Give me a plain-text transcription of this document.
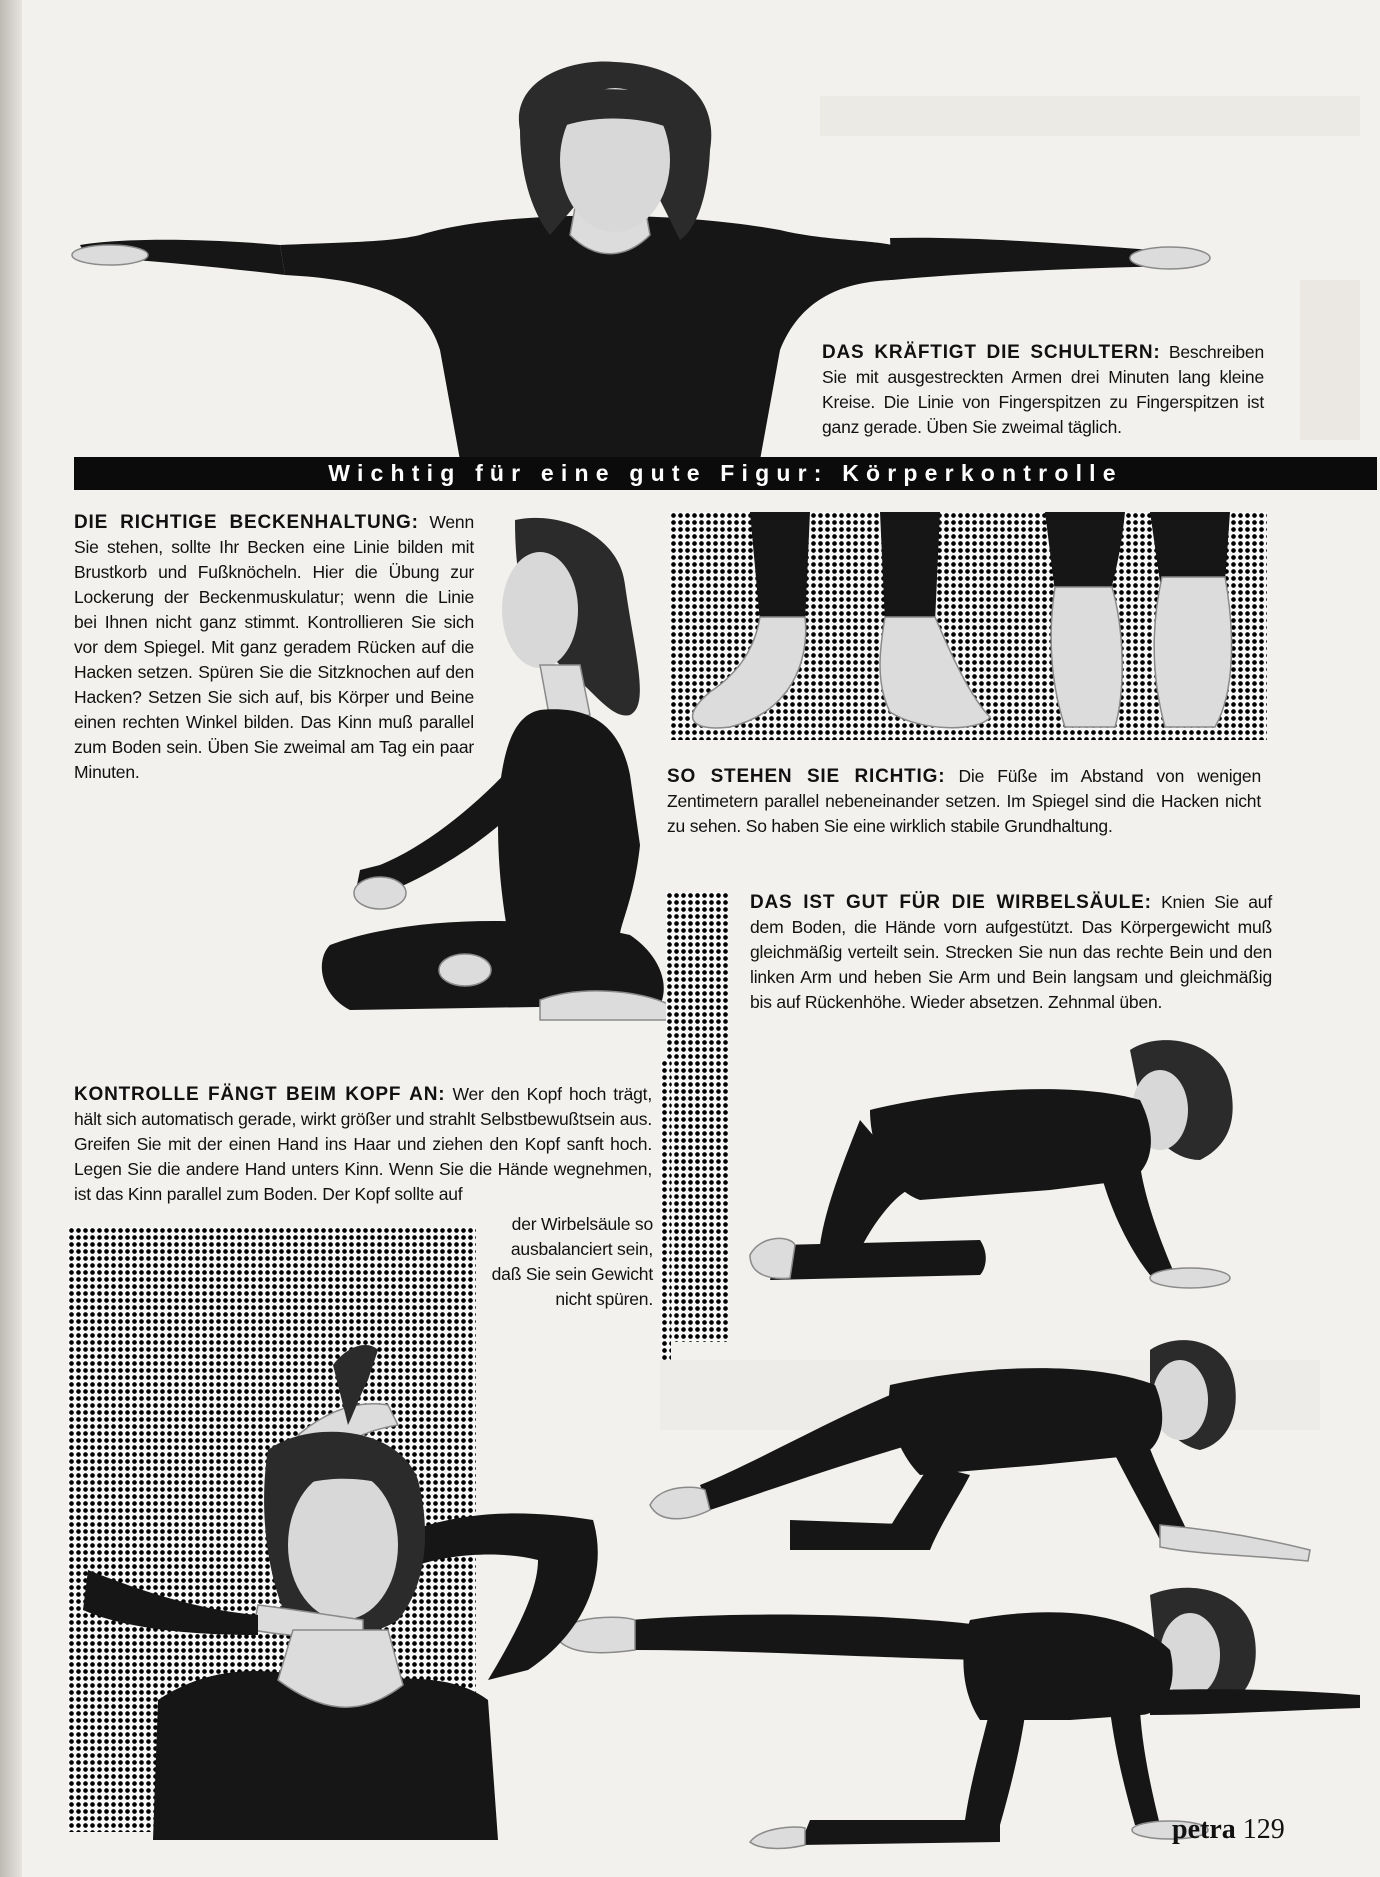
DAS KRÄFTIGT DIE SCHULTERN: Beschreiben Sie mit ausgestreckten Armen drei Minuten lang kleine Kreise. Die Linie von Fingerspitzen zu Fingerspitzen ist ganz gerade. Üben Sie zweimal täglich.
Wichtig für eine gute Figur: Körperkontrolle
DIE RICHTIGE BECKENHALTUNG: Wenn Sie stehen, sollte Ihr Becken eine Linie bilden mit Brustkorb und Fußknöcheln. Hier die Übung zur Lockerung der Beckenmuskulatur; wenn die Linie bei Ihnen nicht ganz stimmt. Kontrollieren Sie sich vor dem Spiegel. Mit ganz geradem Rücken auf die Hacken setzen. Spüren Sie die Sitzknochen auf den Hacken? Setzen Sie sich auf, bis Körper und Beine einen rechten Winkel bilden. Das Kinn muß parallel zum Boden sein. Üben Sie zweimal am Tag ein paar Minuten.	SO STEHEN SIE RICHTIG: Die Füße im Abstand von wenigen Zentimetern parallel nebeneinander setzen. Im Spiegel sind die Hacken nicht zu sehen. So haben Sie eine wirklich stabile Grundhaltung.
DAS IST GUT FÜR DIE WIRBELSÄULE: Knien Sie auf dem Boden, die Hände vorn aufgestützt. Das Körpergewicht muß gleichmäßig verteilt sein. Strecken Sie nun das rechte Bein und den linken Arm und heben Sie Arm und Bein langsam und gleichmäßig bis auf Rückenhöhe. Wieder absetzen. Zehnmal üben.
KONTROLLE FÄNGT BEIM KOPF AN: Wer den Kopf hoch trägt, hält sich automatisch gerade, wirkt größer und strahlt Selbstbewußtsein aus. Greifen Sie mit der einen Hand ins Haar und ziehen den Kopf sanft hoch. Legen Sie die andere Hand unters Kinn. Wenn Sie die Hände wegnehmen, ist das Kinn parallel zum Boden. Der Kopf sollte auf
der Wirbelsäule so ausbalanciert sein, daß Sie sein Gewicht nicht spüren.
petra 129
